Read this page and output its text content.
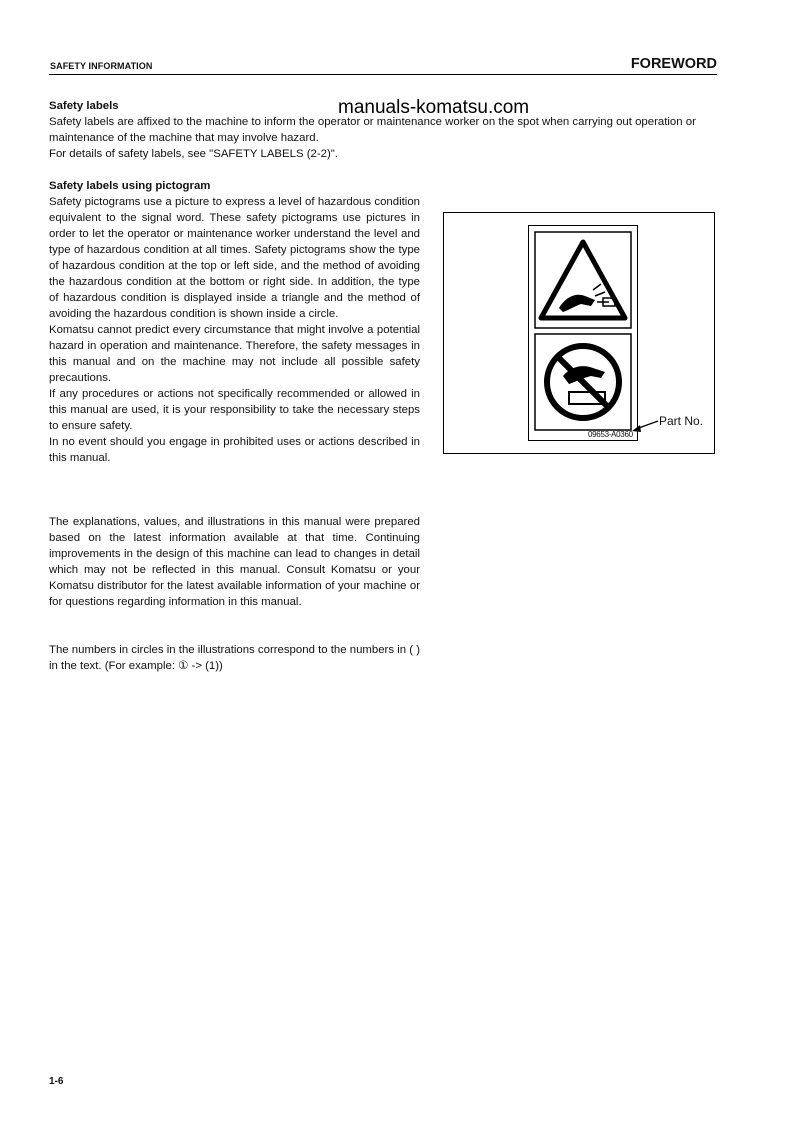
SAFETY INFORMATION	FOREWORD
Safety labels	manuals-komatsu.com

Safety labels are affixed to the machine to inform the operator or maintenance worker on the spot when carrying out operation or maintenance of the machine that may involve hazard.

For details of safety labels, see "SAFETY LABELS (2-2)".

Safety labels using pictogram

Safety pictograms use a picture to express a level of hazardous condition equivalent to the signal word. These safety pictograms use pictures in order to let the operator or maintenance worker understand the level and type of hazardous condition at all times. Safety pictograms show the type of hazardous condition at the top or left side, and the method of avoiding the hazardous condition at the bottom or right side. In addition, the type of hazardous condition is displayed inside a triangle and the method of avoiding the hazardous condition is shown inside a circle.

Komatsu cannot predict every circumstance that might involve a potential hazard in operation and maintenance. Therefore, the safety messages in this manual and on the machine may not include all possible safety precautions.

If any procedures or actions not specifically recommended or allowed in this manual are used, it is your responsibility to take the necessary steps to ensure safety.

In no event should you engage in prohibited uses or actions described in this manual.

The explanations, values, and illustrations in this manual were prepared based on the latest information available at that time. Continuing improvements in the design of this machine can lead to changes in detail which may not be reflected in this manual. Consult Komatsu or your Komatsu distributor for the latest available information of your machine or for questions regarding information in this manual.
The numbers in circles in the illustrations correspond to the numbers in ( ) in the text. (For example: ① -> (1))
Part No.
09653-A0360
1-6
